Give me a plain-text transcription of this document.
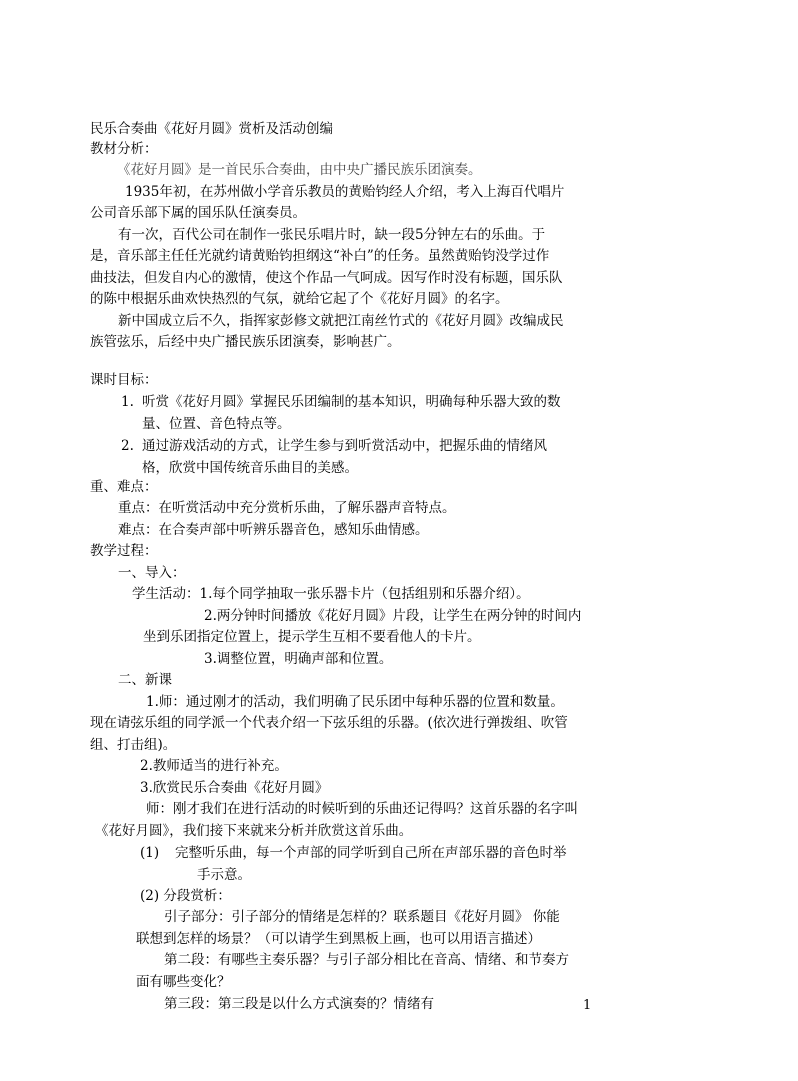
民乐合奏曲《花好月圆》赏析及活动创编
教材分析：
《花好月圆》是一首民乐合奏曲，由中央广播民族乐团演奏。
1935年初，在苏州做小学音乐教员的黄贻钧经人介绍，考入上海百代唱片
公司音乐部下属的国乐队任演奏员。
有一次，百代公司在制作一张民乐唱片时，缺一段5分钟左右的乐曲。于
是，音乐部主任任光就约请黄贻钧担纲这“补白”的任务。虽然黄贻钧没学过作
曲技法，但发自内心的激情，使这个作品一气呵成。因写作时没有标题，国乐队
的陈中根据乐曲欢快热烈的气氛，就给它起了个《花好月圆》的名字。
新中国成立后不久，指挥家彭修文就把江南丝竹式的《花好月圆》改编成民
族管弦乐，后经中央广播民族乐团演奏，影响甚广。
课时目标：
1. 听赏《花好月圆》掌握民乐团编制的基本知识，明确每种乐器大致的数
量、位置、音色特点等。
2. 通过游戏活动的方式，让学生参与到听赏活动中，把握乐曲的情绪风
格，欣赏中国传统音乐曲目的美感。
重、难点：
重点：在听赏活动中充分赏析乐曲，了解乐器声音特点。
难点：在合奏声部中听辨乐器音色，感知乐曲情感。
教学过程：
一、导入：
学生活动：1.每个同学抽取一张乐器卡片（包括组别和乐器介绍）。
2.两分钟时间播放《花好月圆》片段，让学生在两分钟的时间内
坐到乐团指定位置上，提示学生互相不要看他人的卡片。
3.调整位置，明确声部和位置。
二、新课
1.师：通过刚才的活动，我们明确了民乐团中每种乐器的位置和数量。
现在请弦乐组的同学派一个代表介绍一下弦乐组的乐器。(依次进行弹拨组、吹管
组、打击组)。
2.教师适当的进行补充。
3.欣赏民乐合奏曲《花好月圆》
师：刚才我们在进行活动的时候听到的乐曲还记得吗？这首乐器的名字叫
《花好月圆》，我们接下来就来分析并欣赏这首乐曲。
(1) 完整听乐曲，每一个声部的同学听到自己所在声部乐器的音色时举
手示意。
(2) 分段赏析：
引子部分：引子部分的情绪是怎样的？联系题目《花好月圆》 你能
联想到怎样的场景？（可以请学生到黑板上画，也可以用语言描述）
第二段：有哪些主奏乐器？与引子部分相比在音高、情绪、和节奏方
面有哪些变化？
第三段：第三段是以什么方式演奏的？情绪有	1
